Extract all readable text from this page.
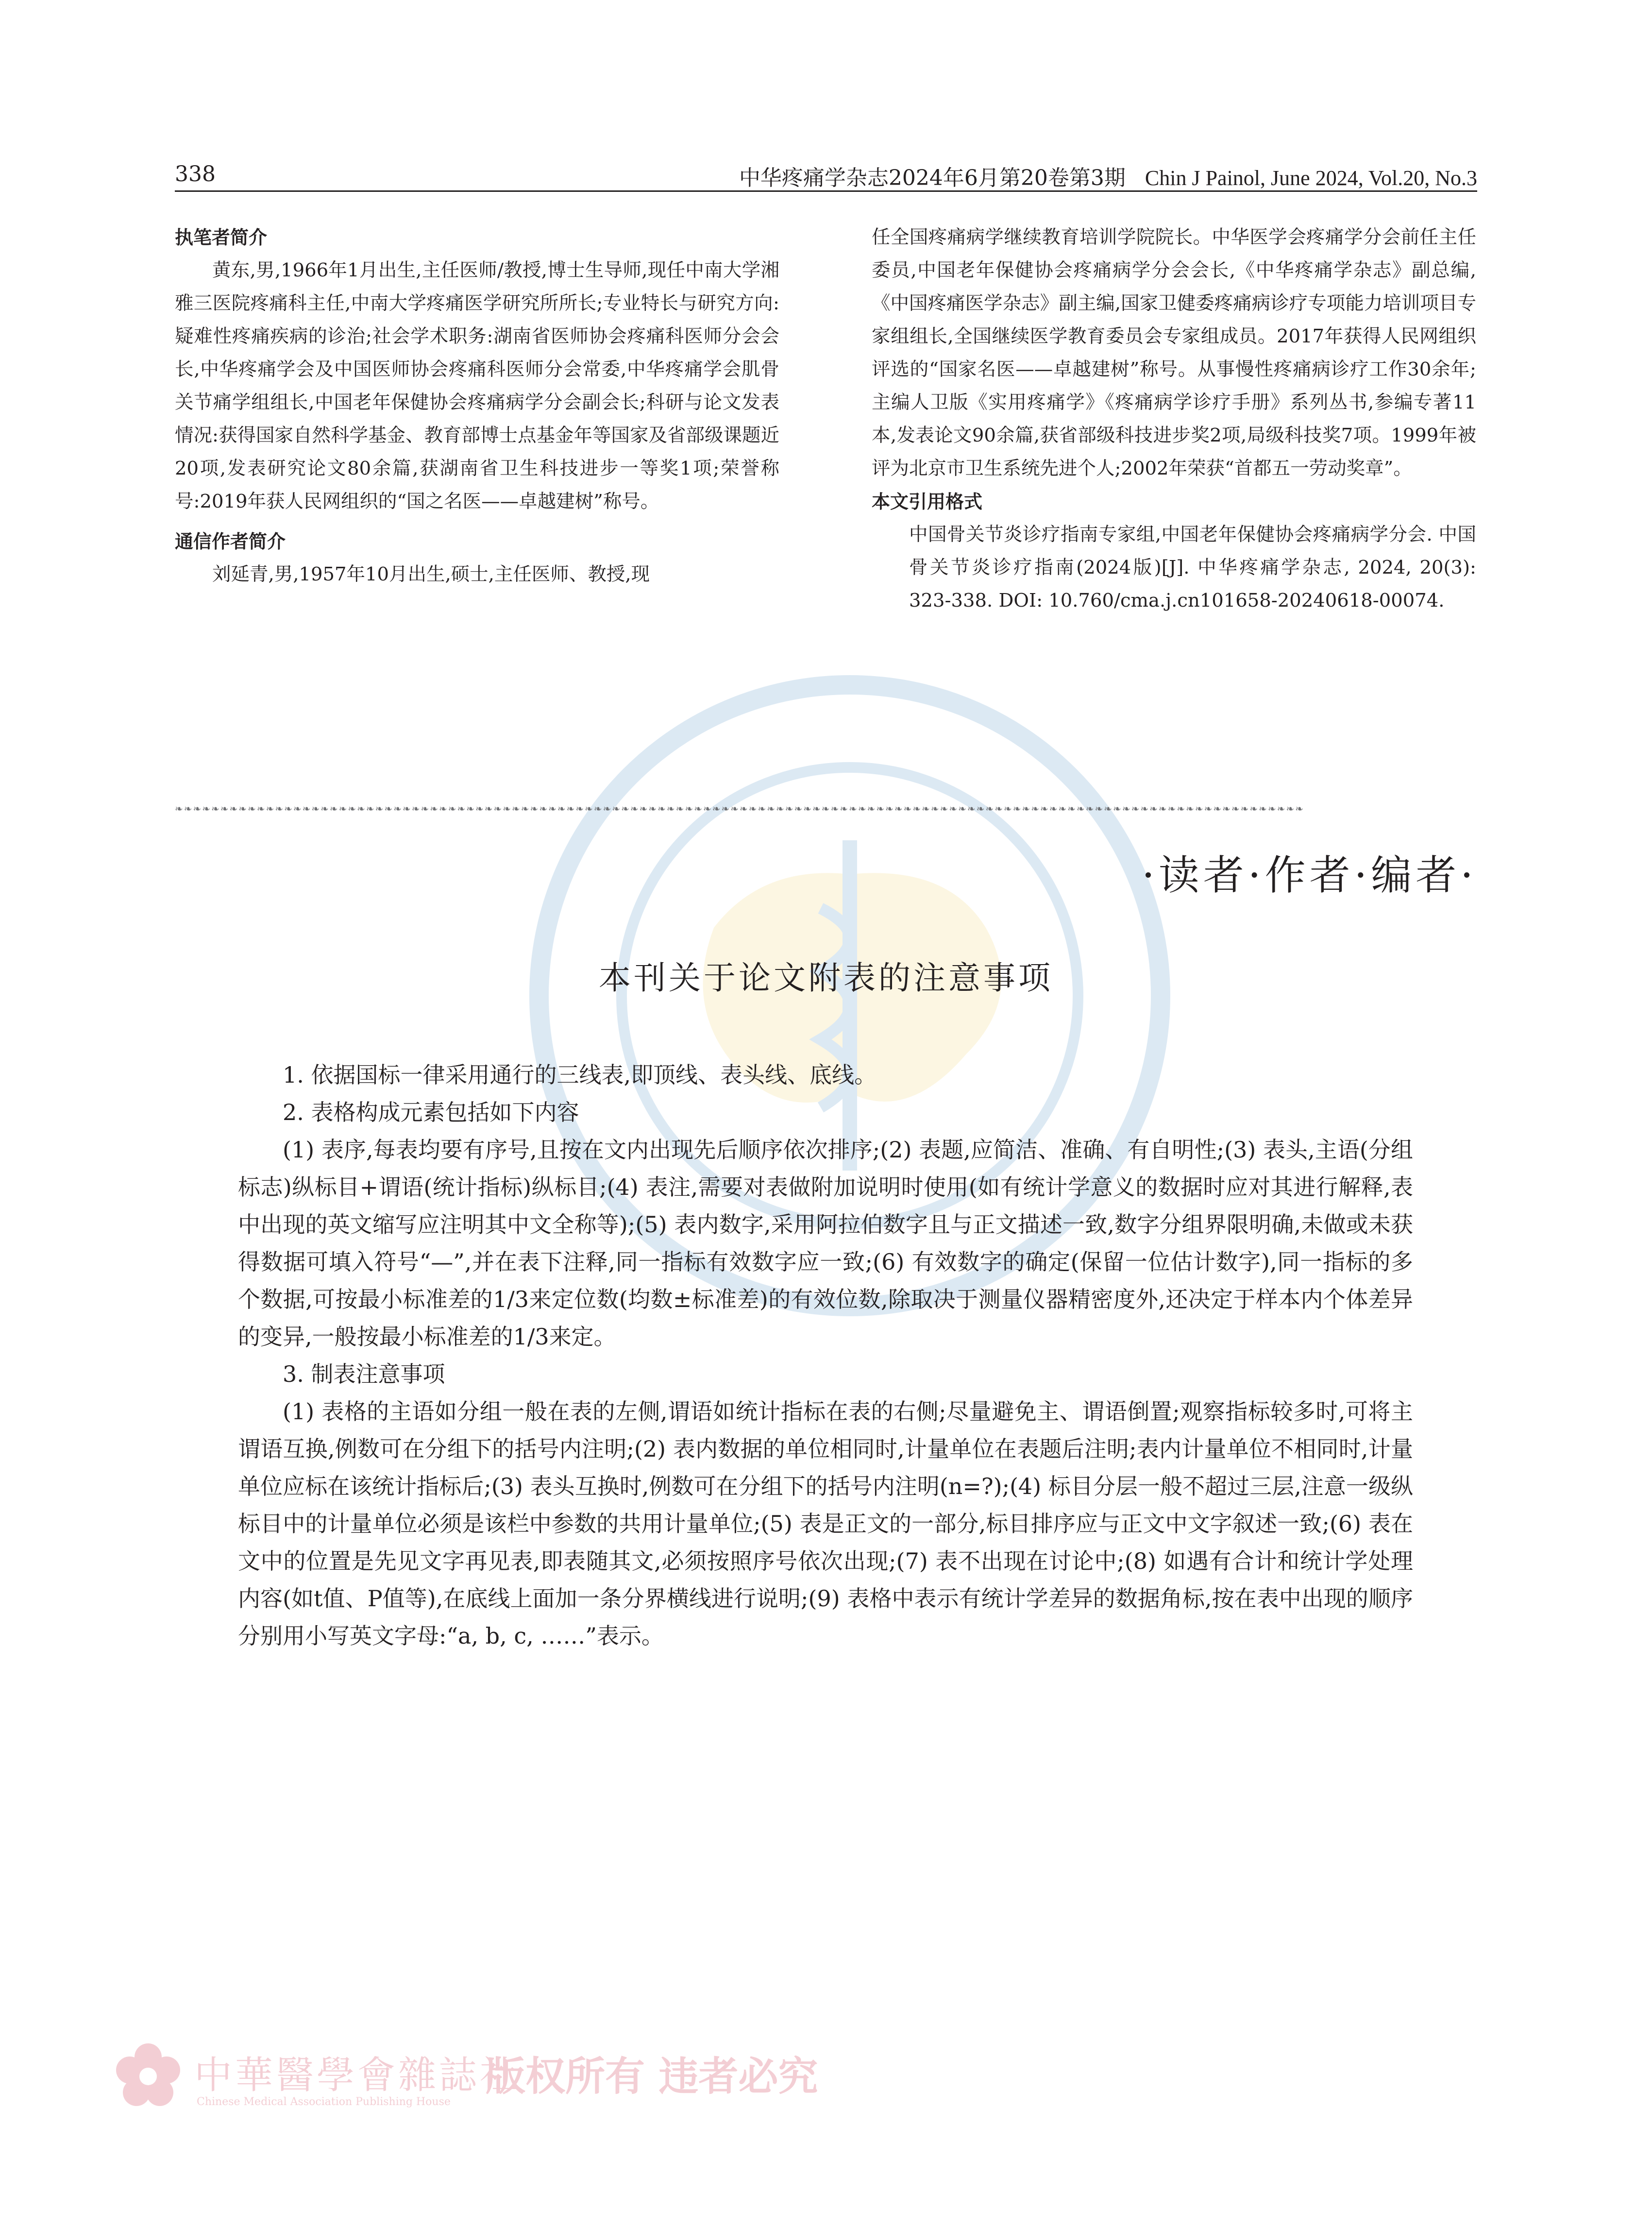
338	中华疼痛学杂志2024年6月第20卷第3期 Chin J Painol, June 2024, Vol.20, No.3
执笔者简介

黄东,男,1966年1月出生,主任医师/教授,博士生导师,现任中南大学湘雅三医院疼痛科主任,中南大学疼痛医学研究所所长;专业特长与研究方向:疑难性疼痛疾病的诊治;社会学术职务:湖南省医师协会疼痛科医师分会会长,中华疼痛学会及中国医师协会疼痛科医师分会常委,中华疼痛学会肌骨关节痛学组组长,中国老年保健协会疼痛病学分会副会长;科研与论文发表情况:获得国家自然科学基金、教育部博士点基金年等国家及省部级课题近20项,发表研究论文80余篇,获湖南省卫生科技进步一等奖1项;荣誉称号:2019年获人民网组织的“国之名医——卓越建树”称号。

通信作者简介

刘延青,男,1957年10月出生,硕士,主任医师、教授,现

任全国疼痛病学继续教育培训学院院长。中华医学会疼痛学分会前任主任委员,中国老年保健协会疼痛病学分会会长,《中华疼痛学杂志》副总编,《中国疼痛医学杂志》副主编,国家卫健委疼痛病诊疗专项能力培训项目专家组组长,全国继续医学教育委员会专家组成员。2017年获得人民网组织评选的“国家名医——卓越建树”称号。从事慢性疼痛病诊疗工作30余年;主编人卫版《实用疼痛学》《疼痛病学诊疗手册》系列丛书,参编专著11本,发表论文90余篇,获省部级科技进步奖2项,局级科技奖7项。1999年被评为北京市卫生系统先进个人;2002年荣获“首都五一劳动奖章”。

本文引用格式

中国骨关节炎诊疗指南专家组,中国老年保健协会疼痛病学分会. 中国骨关节炎诊疗指南(2024版)[J]. 中华疼痛学杂志, 2024, 20(3): 323-338. DOI: 10.760/cma.j.cn101658-20240618-00074.

❧❧❧❧❧❧❧❧❧❧❧❧❧❧❧❧❧❧❧❧❧❧❧❧❧❧❧❧❧❧❧❧❧❧❧❧❧❧❧❧❧❧❧❧❧❧❧❧❧❧❧❧❧❧❧❧❧❧❧❧❧❧❧❧❧❧❧❧❧❧❧❧❧❧❧❧❧❧❧❧❧❧❧❧❧❧❧❧❧❧❧❧❧❧❧❧❧❧❧❧❧❧❧❧❧❧❧❧❧❧❧❧❧❧❧❧❧❧❧❧❧❧❧❧
·读者·作者·编者·
本刊关于论文附表的注意事项

1. 依据国标一律采用通行的三线表,即顶线、表头线、底线。

2. 表格构成元素包括如下内容

(1) 表序,每表均要有序号,且按在文内出现先后顺序依次排序;(2) 表题,应简洁、准确、有自明性;(3) 表头,主语(分组标志)纵标目+谓语(统计指标)纵标目;(4) 表注,需要对表做附加说明时使用(如有统计学意义的数据时应对其进行解释,表中出现的英文缩写应注明其中文全称等);(5) 表内数字,采用阿拉伯数字且与正文描述一致,数字分组界限明确,未做或未获得数据可填入符号“—”,并在表下注释,同一指标有效数字应一致;(6) 有效数字的确定(保留一位估计数字),同一指标的多个数据,可按最小标准差的1/3来定位数(均数±标准差)的有效位数,除取决于测量仪器精密度外,还决定于样本内个体差异的变异,一般按最小标准差的1/3来定。

3. 制表注意事项

(1) 表格的主语如分组一般在表的左侧,谓语如统计指标在表的右侧;尽量避免主、谓语倒置;观察指标较多时,可将主谓语互换,例数可在分组下的括号内注明;(2) 表内数据的单位相同时,计量单位在表题后注明;表内计量单位不相同时,计量单位应标在该统计指标后;(3) 表头互换时,例数可在分组下的括号内注明(n=?);(4) 标目分层一般不超过三层,注意一级纵标目中的计量单位必须是该栏中参数的共用计量单位;(5) 表是正文的一部分,标目排序应与正文中文字叙述一致;(6) 表在文中的位置是先见文字再见表,即表随其文,必须按照序号依次出现;(7) 表不出现在讨论中;(8) 如遇有合计和统计学处理内容(如t值、P值等),在底线上面加一条分界横线进行说明;(9) 表格中表示有统计学差异的数据角标,按在表中出现的顺序分别用小写英文字母:“a, b, c, ……”表示。

中華醫學會雜誌社
Chinese Medical Association Publishing House
版权所有 违者必究
